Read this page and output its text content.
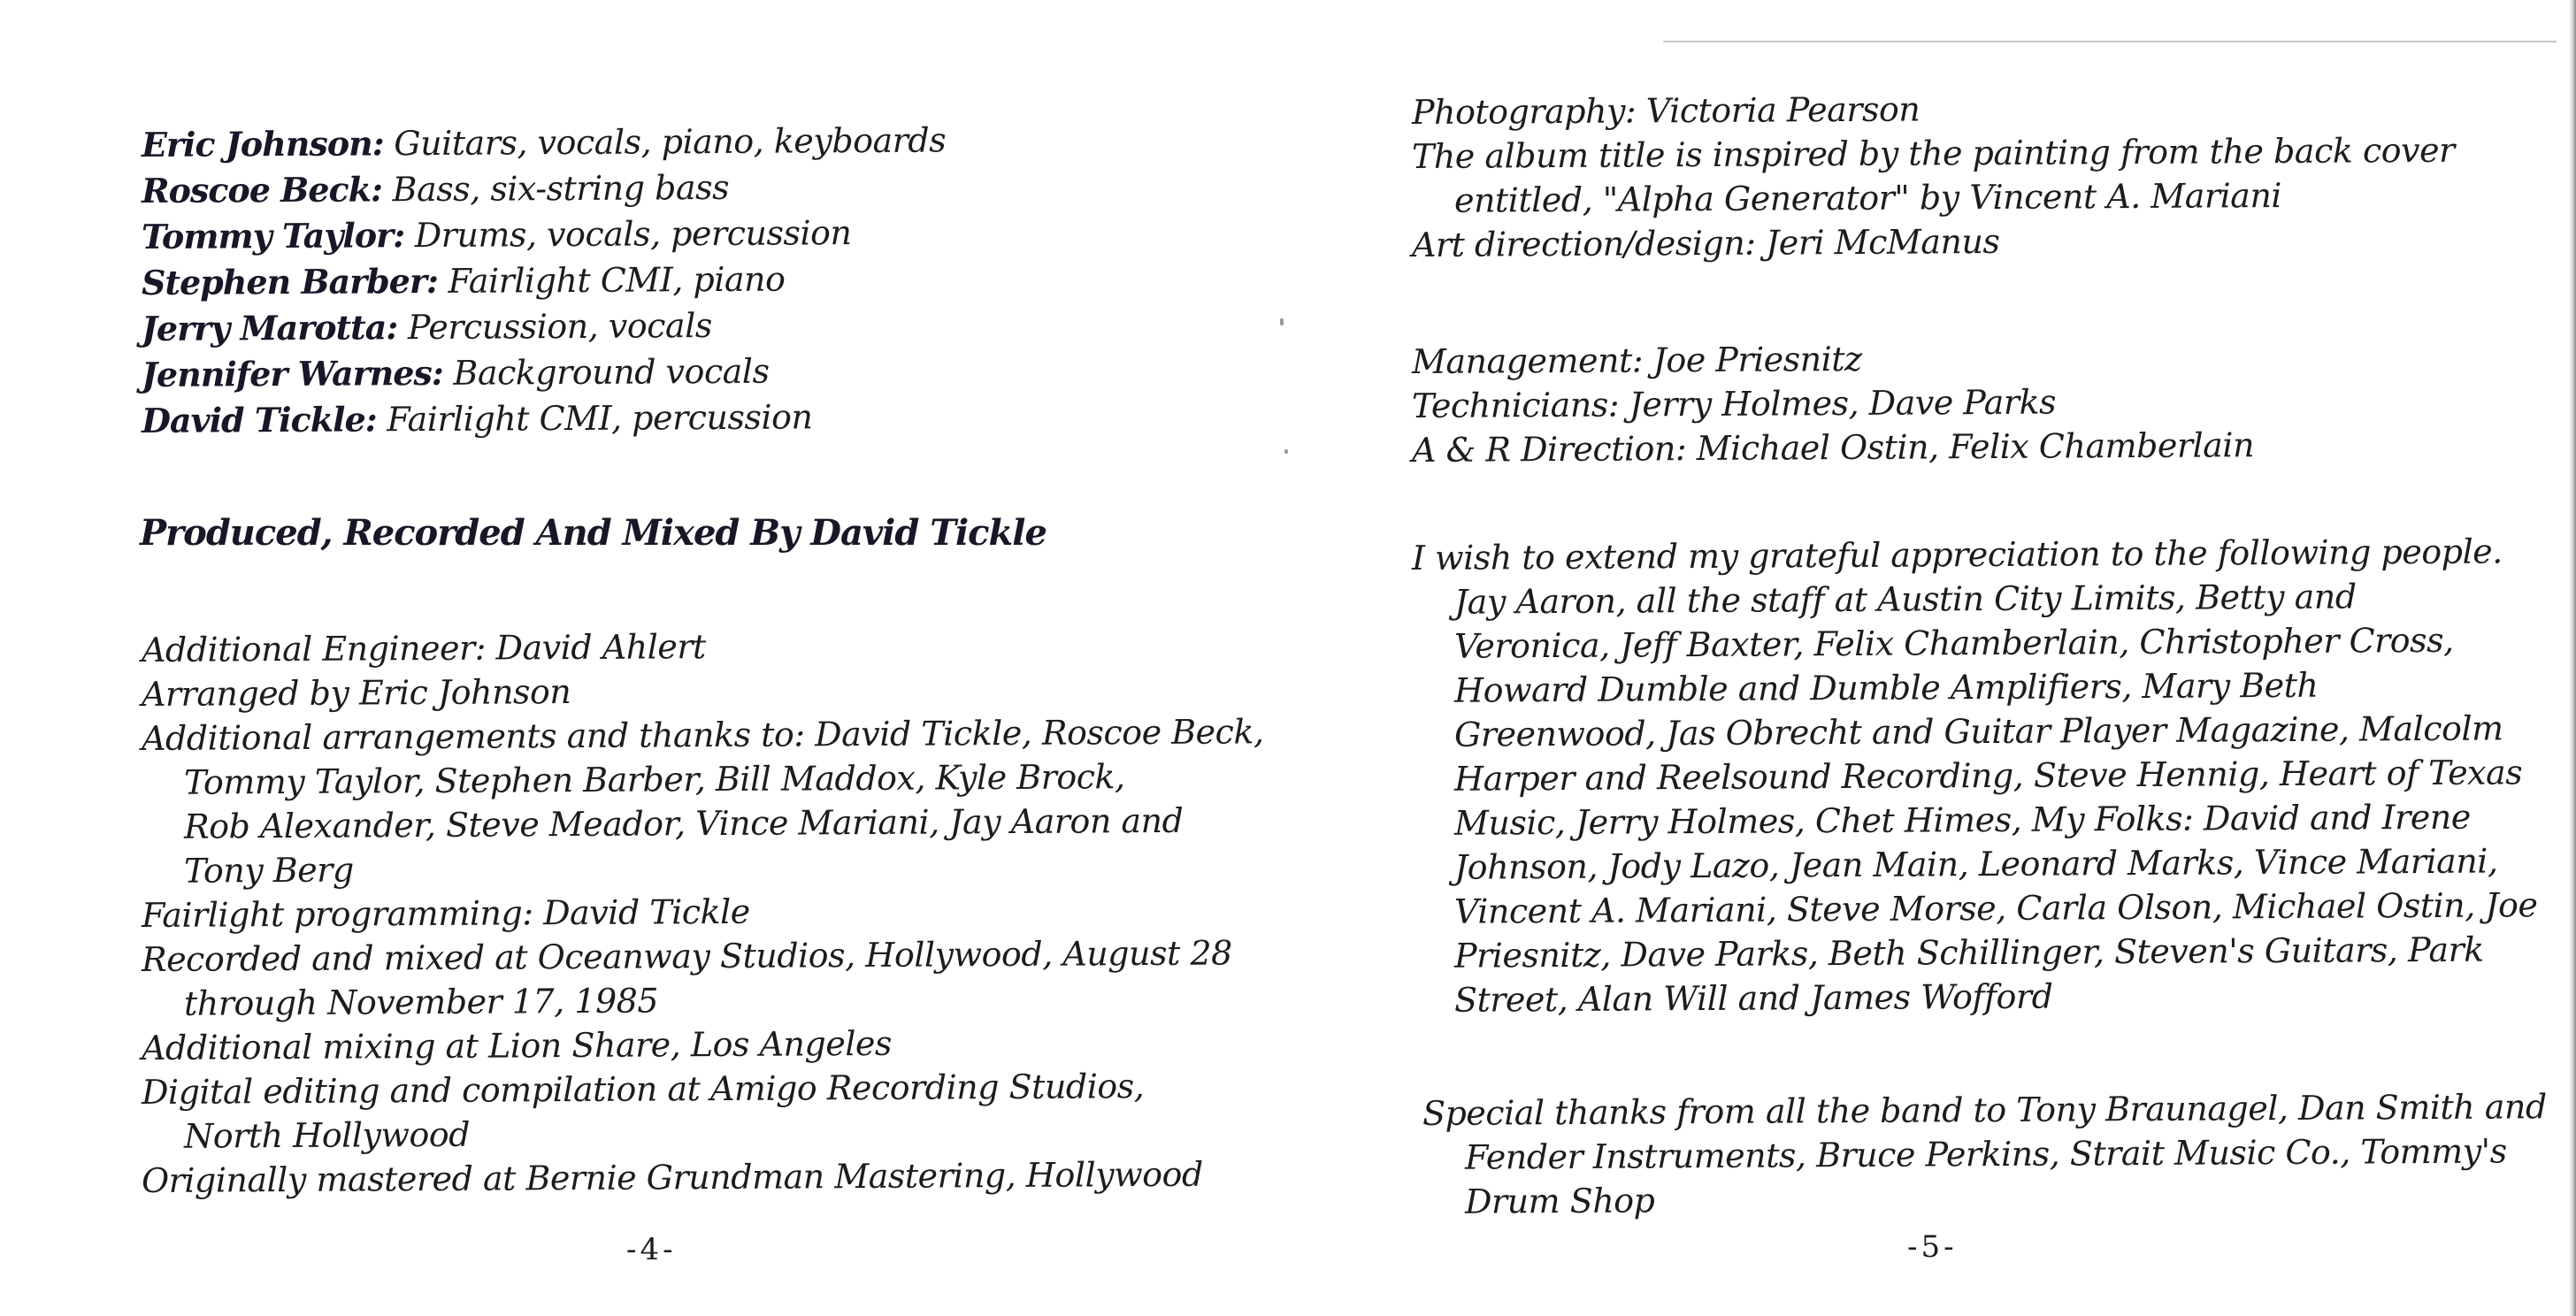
Eric Johnson: Guitars, vocals, piano, keyboards
Roscoe Beck: Bass, six-string bass
Tommy Taylor: Drums, vocals, percussion
Stephen Barber: Fairlight CMI, piano
Jerry Marotta: Percussion, vocals
Jennifer Warnes: Background vocals
David Tickle: Fairlight CMI, percussion
Produced, Recorded And Mixed By David Tickle
Additional Engineer: David Ahlert
Arranged by Eric Johnson
Additional arrangements and thanks to: David Tickle, Roscoe Beck,
Tommy Taylor, Stephen Barber, Bill Maddox, Kyle Brock,
Rob Alexander, Steve Meador, Vince Mariani, Jay Aaron and
Tony Berg
Fairlight programming: David Tickle
Recorded and mixed at Oceanway Studios, Hollywood, August 28
through November 17, 1985
Additional mixing at Lion Share, Los Angeles
Digital editing and compilation at Amigo Recording Studios,
North Hollywood
Originally mastered at Bernie Grundman Mastering, Hollywood
-4-
Photography: Victoria Pearson
The album title is inspired by the painting from the back cover
entitled, "Alpha Generator" by Vincent A. Mariani
Art direction/design: Jeri McManus
Management: Joe Priesnitz
Technicians: Jerry Holmes, Dave Parks
A & R Direction: Michael Ostin, Felix Chamberlain
I wish to extend my grateful appreciation to the following people.
Jay Aaron, all the staff at Austin City Limits, Betty and
Veronica, Jeff Baxter, Felix Chamberlain, Christopher Cross,
Howard Dumble and Dumble Amplifiers, Mary Beth
Greenwood, Jas Obrecht and Guitar Player Magazine, Malcolm
Harper and Reelsound Recording, Steve Hennig, Heart of Texas
Music, Jerry Holmes, Chet Himes, My Folks: David and Irene
Johnson, Jody Lazo, Jean Main, Leonard Marks, Vince Mariani,
Vincent A. Mariani, Steve Morse, Carla Olson, Michael Ostin, Joe
Priesnitz, Dave Parks, Beth Schillinger, Steven's Guitars, Park
Street, Alan Will and James Wofford
Special thanks from all the band to Tony Braunagel, Dan Smith and
Fender Instruments, Bruce Perkins, Strait Music Co., Tommy's
Drum Shop
-5-
